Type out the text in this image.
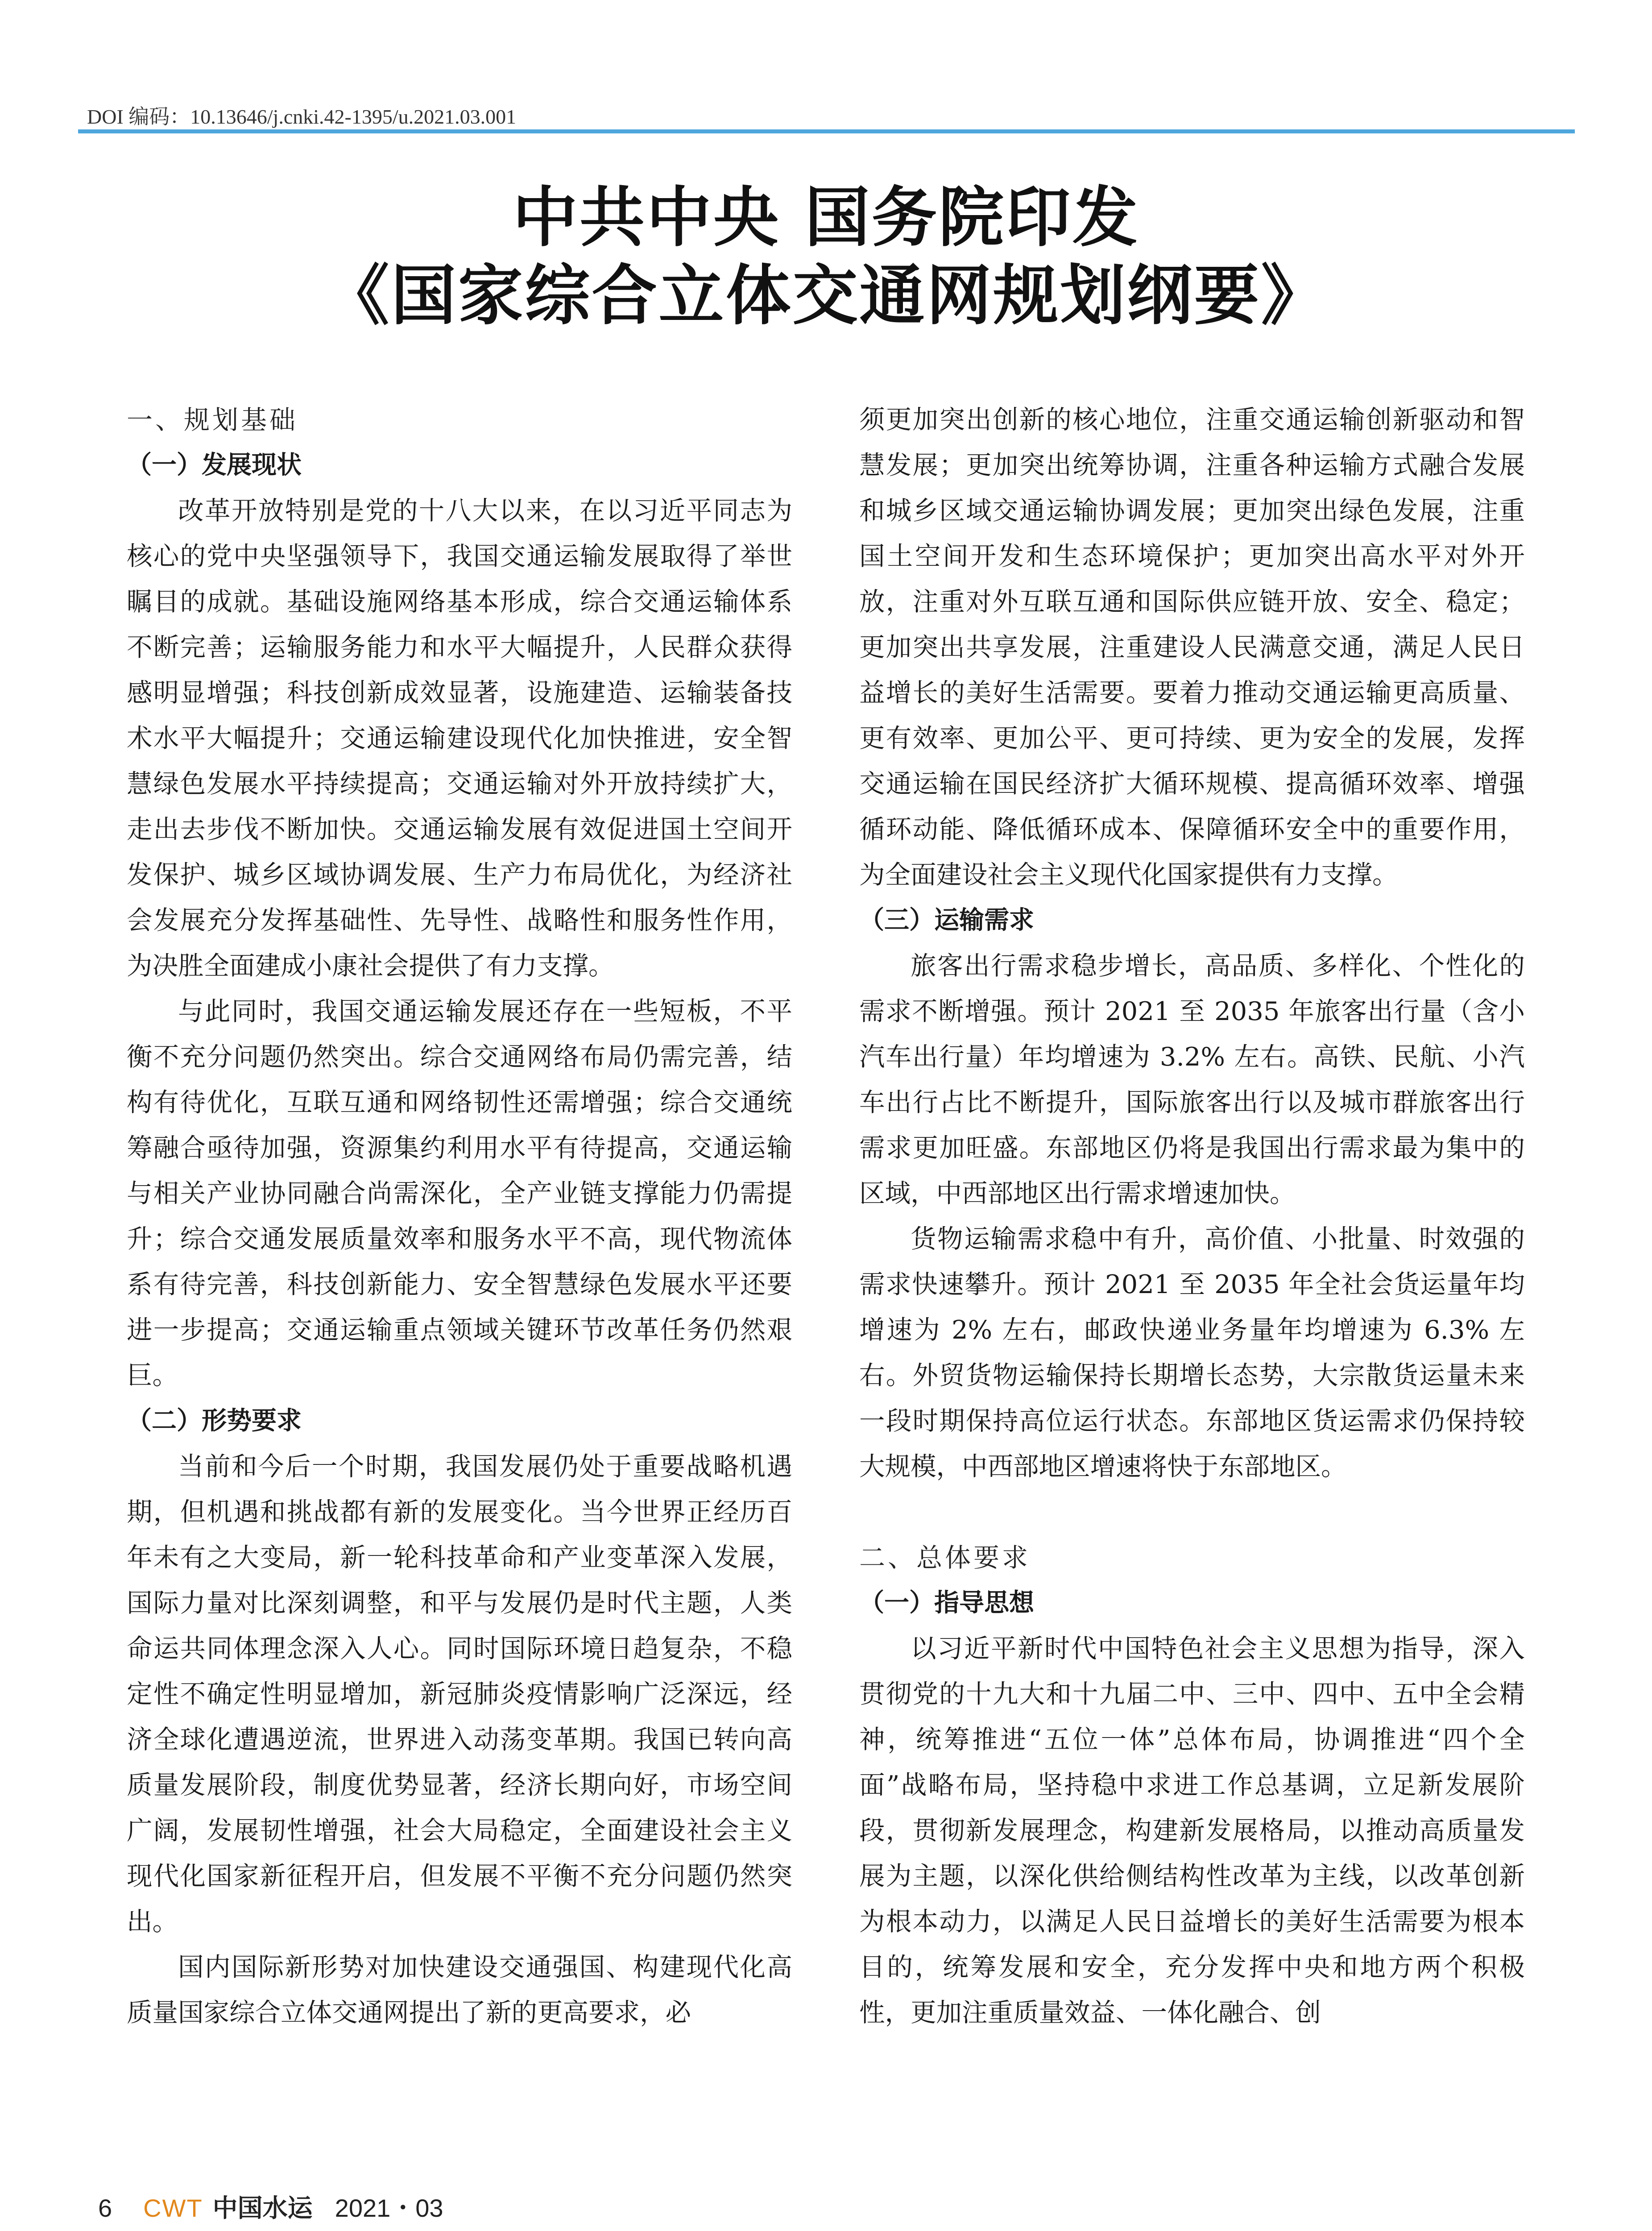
DOI 编码：10.13646/j.cnki.42-1395/u.2021.03.001
中共中央 国务院印发
《国家综合立体交通网规划纲要》
一、规划基础
（一）发展现状

改革开放特别是党的十八大以来，在以习近平同志为核心的党中央坚强领导下，我国交通运输发展取得了举世瞩目的成就。基础设施网络基本形成，综合交通运输体系不断完善；运输服务能力和水平大幅提升，人民群众获得感明显增强；科技创新成效显著，设施建造、运输装备技术水平大幅提升；交通运输建设现代化加快推进，安全智慧绿色发展水平持续提高；交通运输对外开放持续扩大，走出去步伐不断加快。交通运输发展有效促进国土空间开发保护、城乡区域协调发展、生产力布局优化，为经济社会发展充分发挥基础性、先导性、战略性和服务性作用，为决胜全面建成小康社会提供了有力支撑。

与此同时，我国交通运输发展还存在一些短板，不平衡不充分问题仍然突出。综合交通网络布局仍需完善，结构有待优化，互联互通和网络韧性还需增强；综合交通统筹融合亟待加强，资源集约利用水平有待提高，交通运输与相关产业协同融合尚需深化，全产业链支撑能力仍需提升；综合交通发展质量效率和服务水平不高，现代物流体系有待完善，科技创新能力、安全智慧绿色发展水平还要进一步提高；交通运输重点领域关键环节改革任务仍然艰巨。

（二）形势要求

当前和今后一个时期，我国发展仍处于重要战略机遇期，但机遇和挑战都有新的发展变化。当今世界正经历百年未有之大变局，新一轮科技革命和产业变革深入发展，国际力量对比深刻调整，和平与发展仍是时代主题，人类命运共同体理念深入人心。同时国际环境日趋复杂，不稳定性不确定性明显增加，新冠肺炎疫情影响广泛深远，经济全球化遭遇逆流，世界进入动荡变革期。我国已转向高质量发展阶段，制度优势显著，经济长期向好，市场空间广阔，发展韧性增强，社会大局稳定，全面建设社会主义现代化国家新征程开启，但发展不平衡不充分问题仍然突出。

国内国际新形势对加快建设交通强国、构建现代化高质量国家综合立体交通网提出了新的更高要求，必

须更加突出创新的核心地位，注重交通运输创新驱动和智慧发展；更加突出统筹协调，注重各种运输方式融合发展和城乡区域交通运输协调发展；更加突出绿色发展，注重国土空间开发和生态环境保护；更加突出高水平对外开放，注重对外互联互通和国际供应链开放、安全、稳定；更加突出共享发展，注重建设人民满意交通，满足人民日益增长的美好生活需要。要着力推动交通运输更高质量、更有效率、更加公平、更可持续、更为安全的发展，发挥交通运输在国民经济扩大循环规模、提高循环效率、增强循环动能、降低循环成本、保障循环安全中的重要作用，为全面建设社会主义现代化国家提供有力支撑。

（三）运输需求

旅客出行需求稳步增长，高品质、多样化、个性化的需求不断增强。预计 2021 至 2035 年旅客出行量（含小汽车出行量）年均增速为 3.2% 左右。高铁、民航、小汽车出行占比不断提升，国际旅客出行以及城市群旅客出行需求更加旺盛。东部地区仍将是我国出行需求最为集中的区域，中西部地区出行需求增速加快。

货物运输需求稳中有升，高价值、小批量、时效强的需求快速攀升。预计 2021 至 2035 年全社会货运量年均增速为 2% 左右，邮政快递业务量年均增速为 6.3% 左右。外贸货物运输保持长期增长态势，大宗散货运量未来一段时期保持高位运行状态。东部地区货运需求仍保持较大规模，中西部地区增速将快于东部地区。

二、总体要求
（一）指导思想

以习近平新时代中国特色社会主义思想为指导，深入贯彻党的十九大和十九届二中、三中、四中、五中全会精神，统筹推进“五位一体”总体布局，协调推进“四个全面”战略布局，坚持稳中求进工作总基调，立足新发展阶段，贯彻新发展理念，构建新发展格局，以推动高质量发展为主题，以深化供给侧结构性改革为主线，以改革创新为根本动力，以满足人民日益增长的美好生活需要为根本目的，统筹发展和安全，充分发挥中央和地方两个积极性，更加注重质量效益、一体化融合、创

6 CWT 中国水运 2021・03
